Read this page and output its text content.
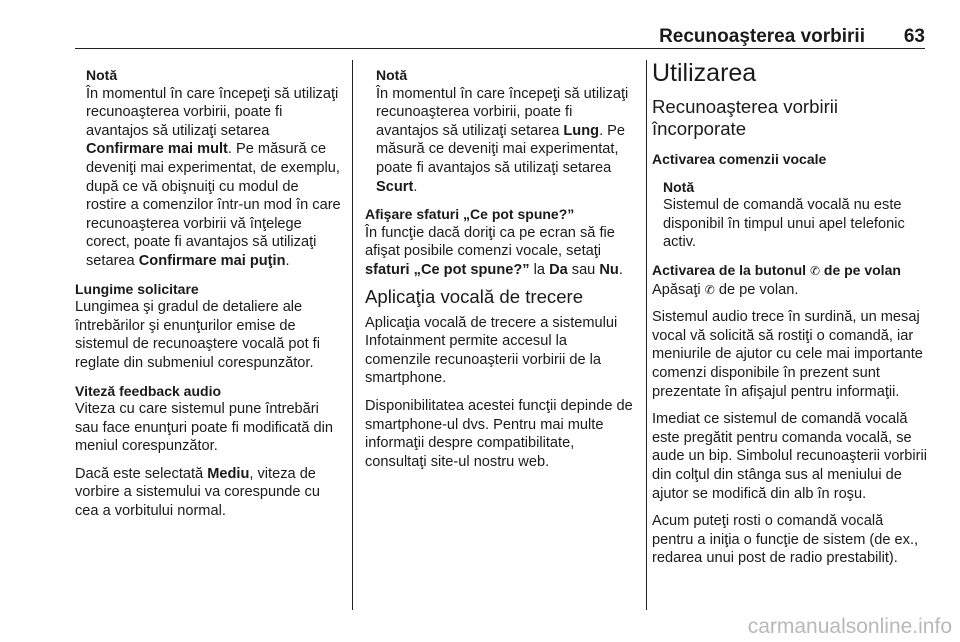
Recunoaşterea vorbirii 63

Notă

În momentul în care începeţi să utilizaţi recunoaşterea vorbirii, poate fi avantajos să utilizaţi setarea Confirmare mai mult. Pe măsură ce deveniţi mai experimentat, de exemplu, după ce vă obişnuiţi cu modul de rostire a comenzilor într-un mod în care recunoaşterea vorbirii vă înţelege corect, poate fi avantajos să utilizaţi setarea Confirmare mai puţin.

Lungime solicitare

Lungimea şi gradul de detaliere ale întrebărilor şi enunţurilor emise de sistemul de recunoaştere vocală pot fi reglate din submeniul corespunzător.

Viteză feedback audio

Viteza cu care sistemul pune întrebări sau face enunţuri poate fi modificată din meniul corespunzător.

Dacă este selectată Mediu, viteza de vorbire a sistemului va corespunde cu cea a vorbitului normal.

Notă

În momentul în care începeţi să utilizaţi recunoaşterea vorbirii, poate fi avantajos să utilizaţi setarea Lung. Pe măsură ce deveniţi mai experimentat, poate fi avantajos să utilizaţi setarea Scurt.

Afişare sfaturi „Ce pot spune?”

În funcţie dacă doriţi ca pe ecran să fie afişat posibile comenzi vocale, setaţi sfaturi „Ce pot spune?” la Da sau Nu.

Aplicaţia vocală de trecere

Aplicaţia vocală de trecere a sistemului Infotainment permite accesul la comenzile recunoaşterii vorbirii de la smartphone.

Disponibilitatea acestei funcţii depinde de smartphone-ul dvs. Pentru mai multe informaţii despre compatibilitate, consultaţi site-ul nostru web.

Utilizarea

Recunoaşterea vorbirii încorporate

Activarea comenzii vocale

Notă

Sistemul de comandă vocală nu este disponibil în timpul unui apel telefonic activ.

Activarea de la butonul ✆ de pe volan

Apăsaţi ✆ de pe volan.

Sistemul audio trece în surdină, un mesaj vocal vă solicită să rostiţi o comandă, iar meniurile de ajutor cu cele mai importante comenzi disponibile în prezent sunt prezentate în afişajul pentru informaţii.

Imediat ce sistemul de comandă vocală este pregătit pentru comanda vocală, se aude un bip. Simbolul recunoaşterii vorbirii din colţul din stânga sus al meniului de ajutor se modifică din alb în roşu.

Acum puteţi rosti o comandă vocală pentru a iniţia o funcţie de sistem (de ex., redarea unui post de radio prestabilit).

carmanualsonline.info
